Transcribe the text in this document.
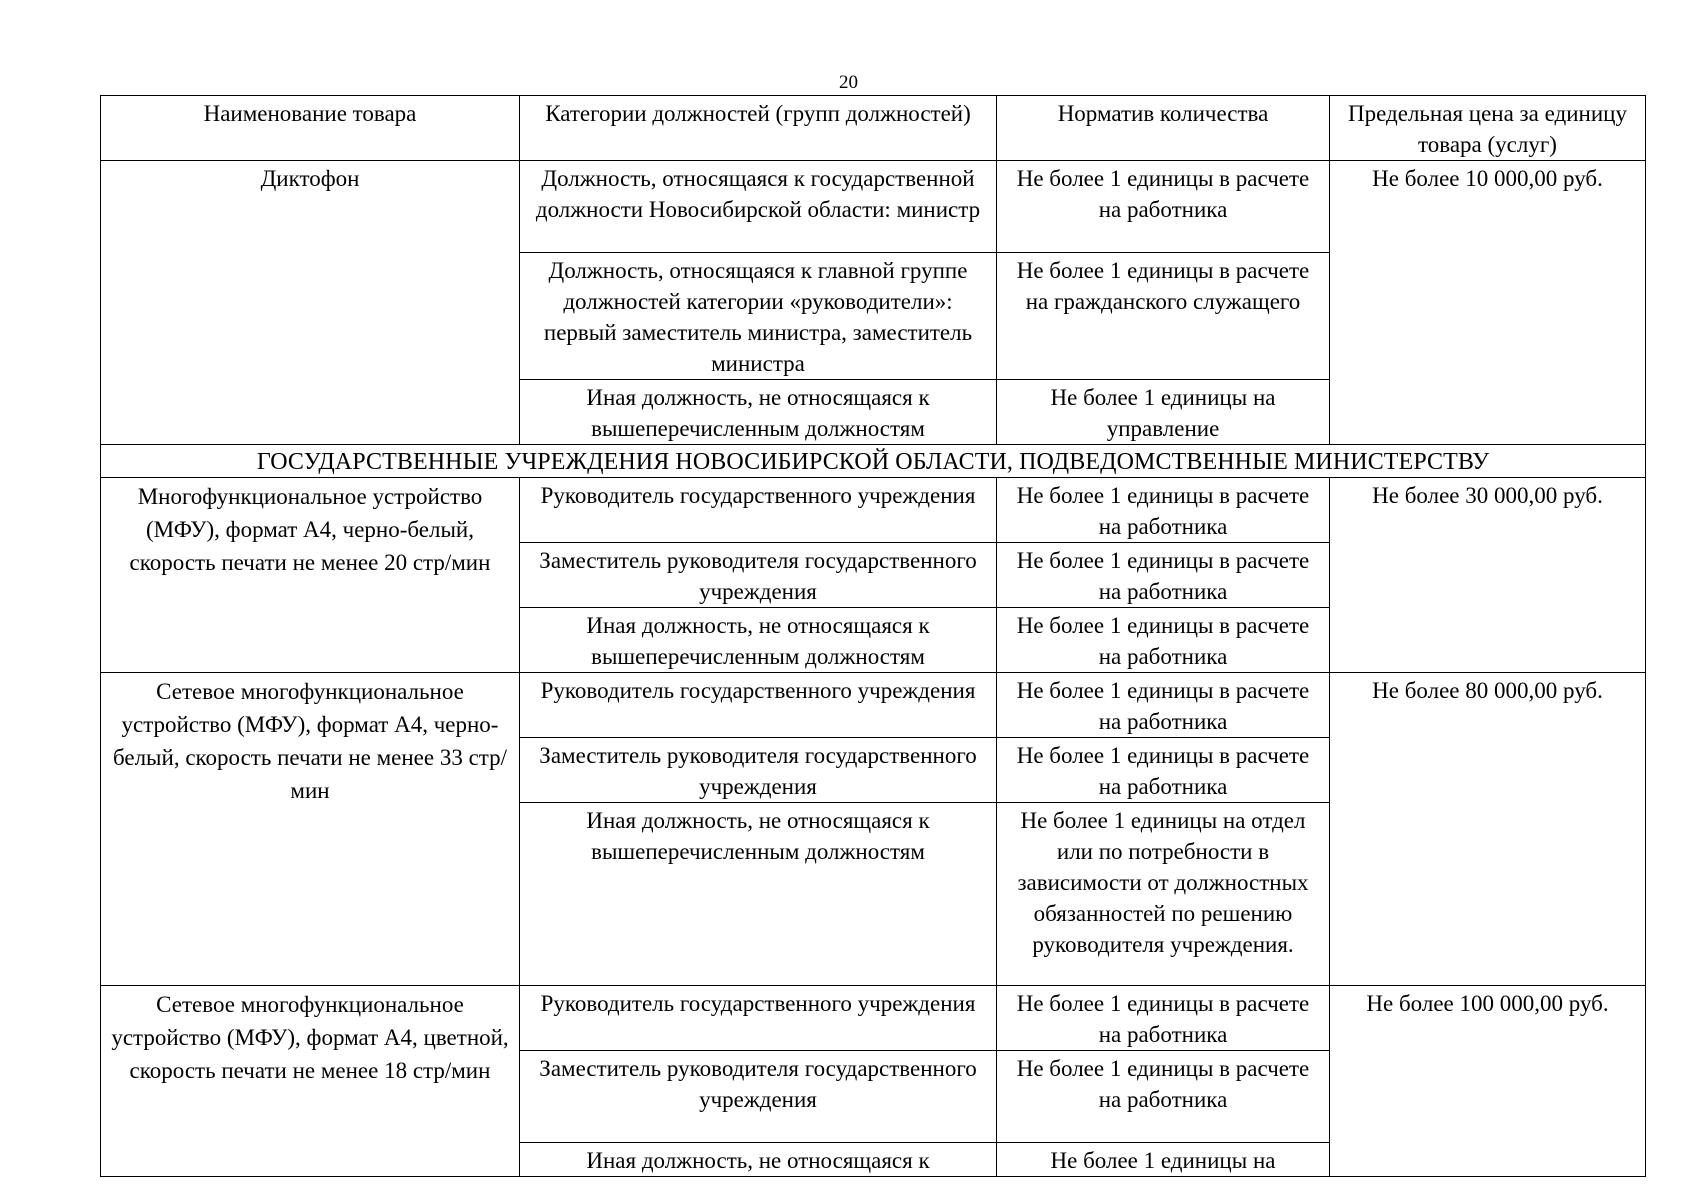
20
Наименование товара	Категории должностей (групп должностей)	Норматив количества	Предельная цена за единицу товара (услуг)
Диктофон	Должность, относящаяся к государственной должности Новосибирской области: министр	Не более 1 единицы в расчете на работника	Не более 10 000,00 руб.
	Должность, относящаяся к главной группе должностей категории «руководители»: первый заместитель министра, заместитель министра	Не более 1 единицы в расчете на гражданского служащего	
	Иная должность, не относящаяся к вышеперечисленным должностям	Не более 1 единицы на управление	
ГОСУДАРСТВЕННЫЕ УЧРЕЖДЕНИЯ НОВОСИБИРСКОЙ ОБЛАСТИ, ПОДВЕДОМСТВЕННЫЕ МИНИСТЕРСТВУ			
Многофункциональное устройство (МФУ), формат А4, черно-белый, скорость печати не менее 20 стр/мин	Руководитель государственного учреждения	Не более 1 единицы в расчете на работника	Не более 30 000,00 руб.
	Заместитель руководителя государственного учреждения	Не более 1 единицы в расчете на работника	
	Иная должность, не относящаяся к вышеперечисленным должностям	Не более 1 единицы в расчете на работника	
Сетевое многофункциональное устройство (МФУ), формат А4, черно-белый, скорость печати не менее 33 стр/мин	Руководитель государственного учреждения	Не более 1 единицы в расчете на работника	Не более 80 000,00 руб.
	Заместитель руководителя государственного учреждения	Не более 1 единицы в расчете на работника	
	Иная должность, не относящаяся к вышеперечисленным должностям	Не более 1 единицы на отдел или по потребности в зависимости от должностных обязанностей по решению руководителя учреждения.	
Сетевое многофункциональное устройство (МФУ), формат А4, цветной, скорость печати не менее 18 стр/мин	Руководитель государственного учреждения	Не более 1 единицы в расчете на работника	Не более 100 000,00 руб.
	Заместитель руководителя государственного учреждения	Не более 1 единицы в расчете на работника	
	Иная должность, не относящаяся к	Не более 1 единицы на	
